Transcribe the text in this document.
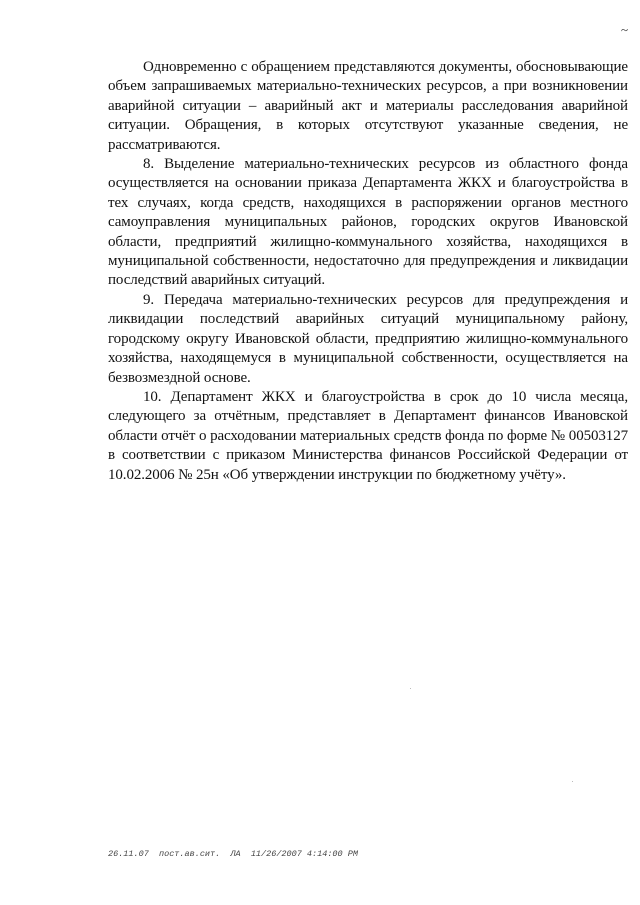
~

Одновременно с обращением представляются документы, обосновывающие объем запрашиваемых материально-технических ресурсов, а при возникновении аварийной ситуации – аварийный акт и материалы расследования аварийной ситуации. Обращения, в которых отсутствуют указанные сведения, не рассматриваются.

8. Выделение материально-технических ресурсов из областного фонда осуществляется на основании приказа Департамента ЖКХ и благоустройства в тех случаях, когда средств, находящихся в распоряжении органов местного самоуправления муниципальных районов, городских округов Ивановской области, предприятий жилищно-коммунального хозяйства, находящихся в муниципальной собственности, недостаточно для предупреждения и ликвидации последствий аварийных ситуаций.

9. Передача материально-технических ресурсов для предупреждения и ликвидации последствий аварийных ситуаций муниципальному району, городскому округу Ивановской области, предприятию жилищно-коммунального хозяйства, находящемуся в муниципальной собственности, осуществляется на безвозмездной основе.

10. Департамент ЖКХ и благоустройства в срок до 10 числа месяца, следующего за отчётным, представляет в Департамент финансов Ивановской области отчёт о расходовании материальных средств фонда по форме № 00503127 в соответствии с приказом Министерства финансов Российской Федерации от 10.02.2006 № 25н «Об утверждении инструкции по бюджетному учёту».

26.11.07  пост.ав.сит.  ЛА  11/26/2007 4:14:00 PM
